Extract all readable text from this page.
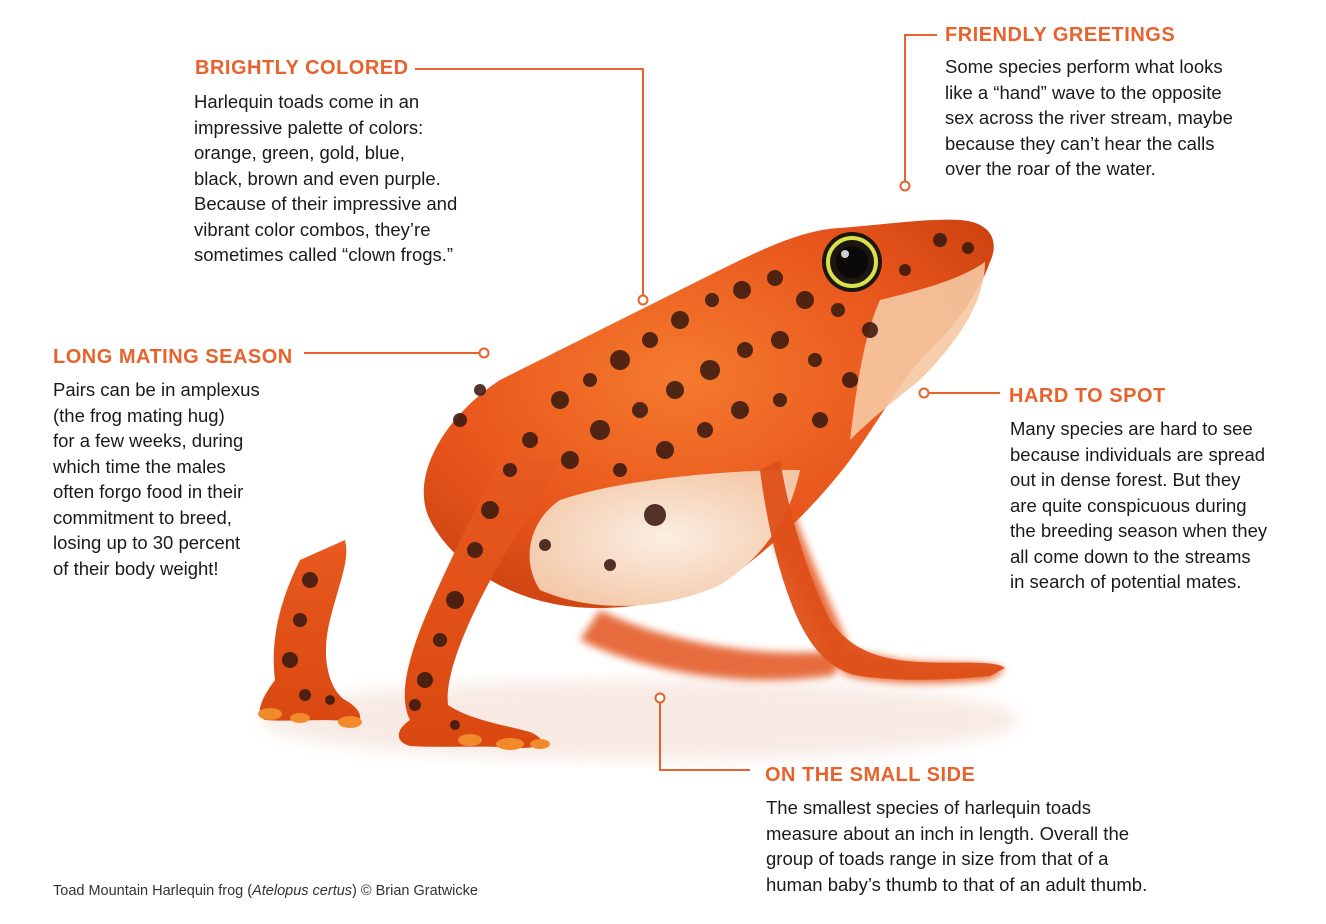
BRIGHTLY COLORED
Harlequin toads come in an
impressive palette of colors:
orange, green, gold, blue,
black, brown and even purple.
Because of their impressive and
vibrant color combos, they’re
sometimes called “clown frogs.”
FRIENDLY GREETINGS
Some species perform what looks
like a “hand” wave to the opposite
sex across the river stream, maybe
because they can’t hear the calls
over the roar of the water.
LONG MATING SEASON
Pairs can be in amplexus
(the frog mating hug)
for a few weeks, during
which time the males
often forgo food in their
commitment to breed,
losing up to 30 percent
of their body weight!
HARD TO SPOT
Many species are hard to see
because individuals are spread
out in dense forest. But they
are quite conspicuous during
the breeding season when they
all come down to the streams
in search of potential mates.
ON THE SMALL SIDE
The smallest species of harlequin toads
measure about an inch in length. Overall the
group of toads range in size from that of a
human baby’s thumb to that of an adult thumb.
Toad Mountain Harlequin frog (Atelopus certus) © Brian Gratwicke
